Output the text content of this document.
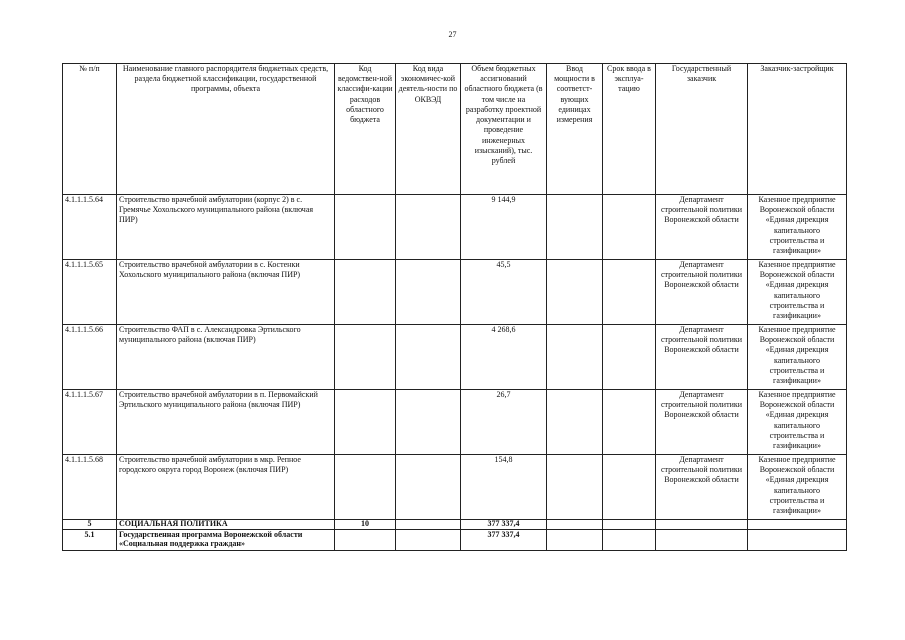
27
№ п/п	Наименование главного распорядителя бюджетных средств, раздела бюджетной классификации, государственной программы, объекта	Код ведомствен-ной классифи-кации расходов областного бюджета	Код вида экономичес-кой деятель-ности по ОКВЭД	Объем бюджетных ассигнований областного бюджета (в том числе на разработку проектной документации и проведение инженерных изысканий), тыс. рублей	Ввод мощности в соответст-вующих единицах измерения	Срок ввода в эксплуа-тацию	Государственный заказчик	Заказчик-застройщик
4.1.1.1.5.64	Строительство врачебной амбулатории (корпус 2) в с. Гремячье Хохольского муниципального района (включая ПИР)			9 144,9			Департамент строительной политики Воронежской области	Казенное предприятие Воронежской области «Единая дирекция капитального строительства и газификации»
4.1.1.1.5.65	Строительство врачебной амбулатории в с. Костенки Хохольского муниципального района (включая ПИР)			45,5			Департамент строительной политики Воронежской области	Казенное предприятие Воронежской области «Единая дирекция капитального строительства и газификации»
4.1.1.1.5.66	Строительство ФАП в с. Александровка Эртильского муниципального района (включая ПИР)			4 268,6			Департамент строительной политики Воронежской области	Казенное предприятие Воронежской области «Единая дирекция капитального строительства и газификации»
4.1.1.1.5.67	Строительство врачебной амбулатории в п. Первомайский Эртильского муниципального района (включая ПИР)			26,7			Департамент строительной политики Воронежской области	Казенное предприятие Воронежской области «Единая дирекция капитального строительства и газификации»
4.1.1.1.5.68	Строительство врачебной амбулатории в мкр. Репное городского округа город Воронеж (включая ПИР)			154,8			Департамент строительной политики Воронежской области	Казенное предприятие Воронежской области «Единая дирекция капитального строительства и газификации»
5	СОЦИАЛЬНАЯ ПОЛИТИКА	10		377 337,4				
5.1	Государственная программа Воронежской области «Социальная поддержка граждан»			377 337,4				
